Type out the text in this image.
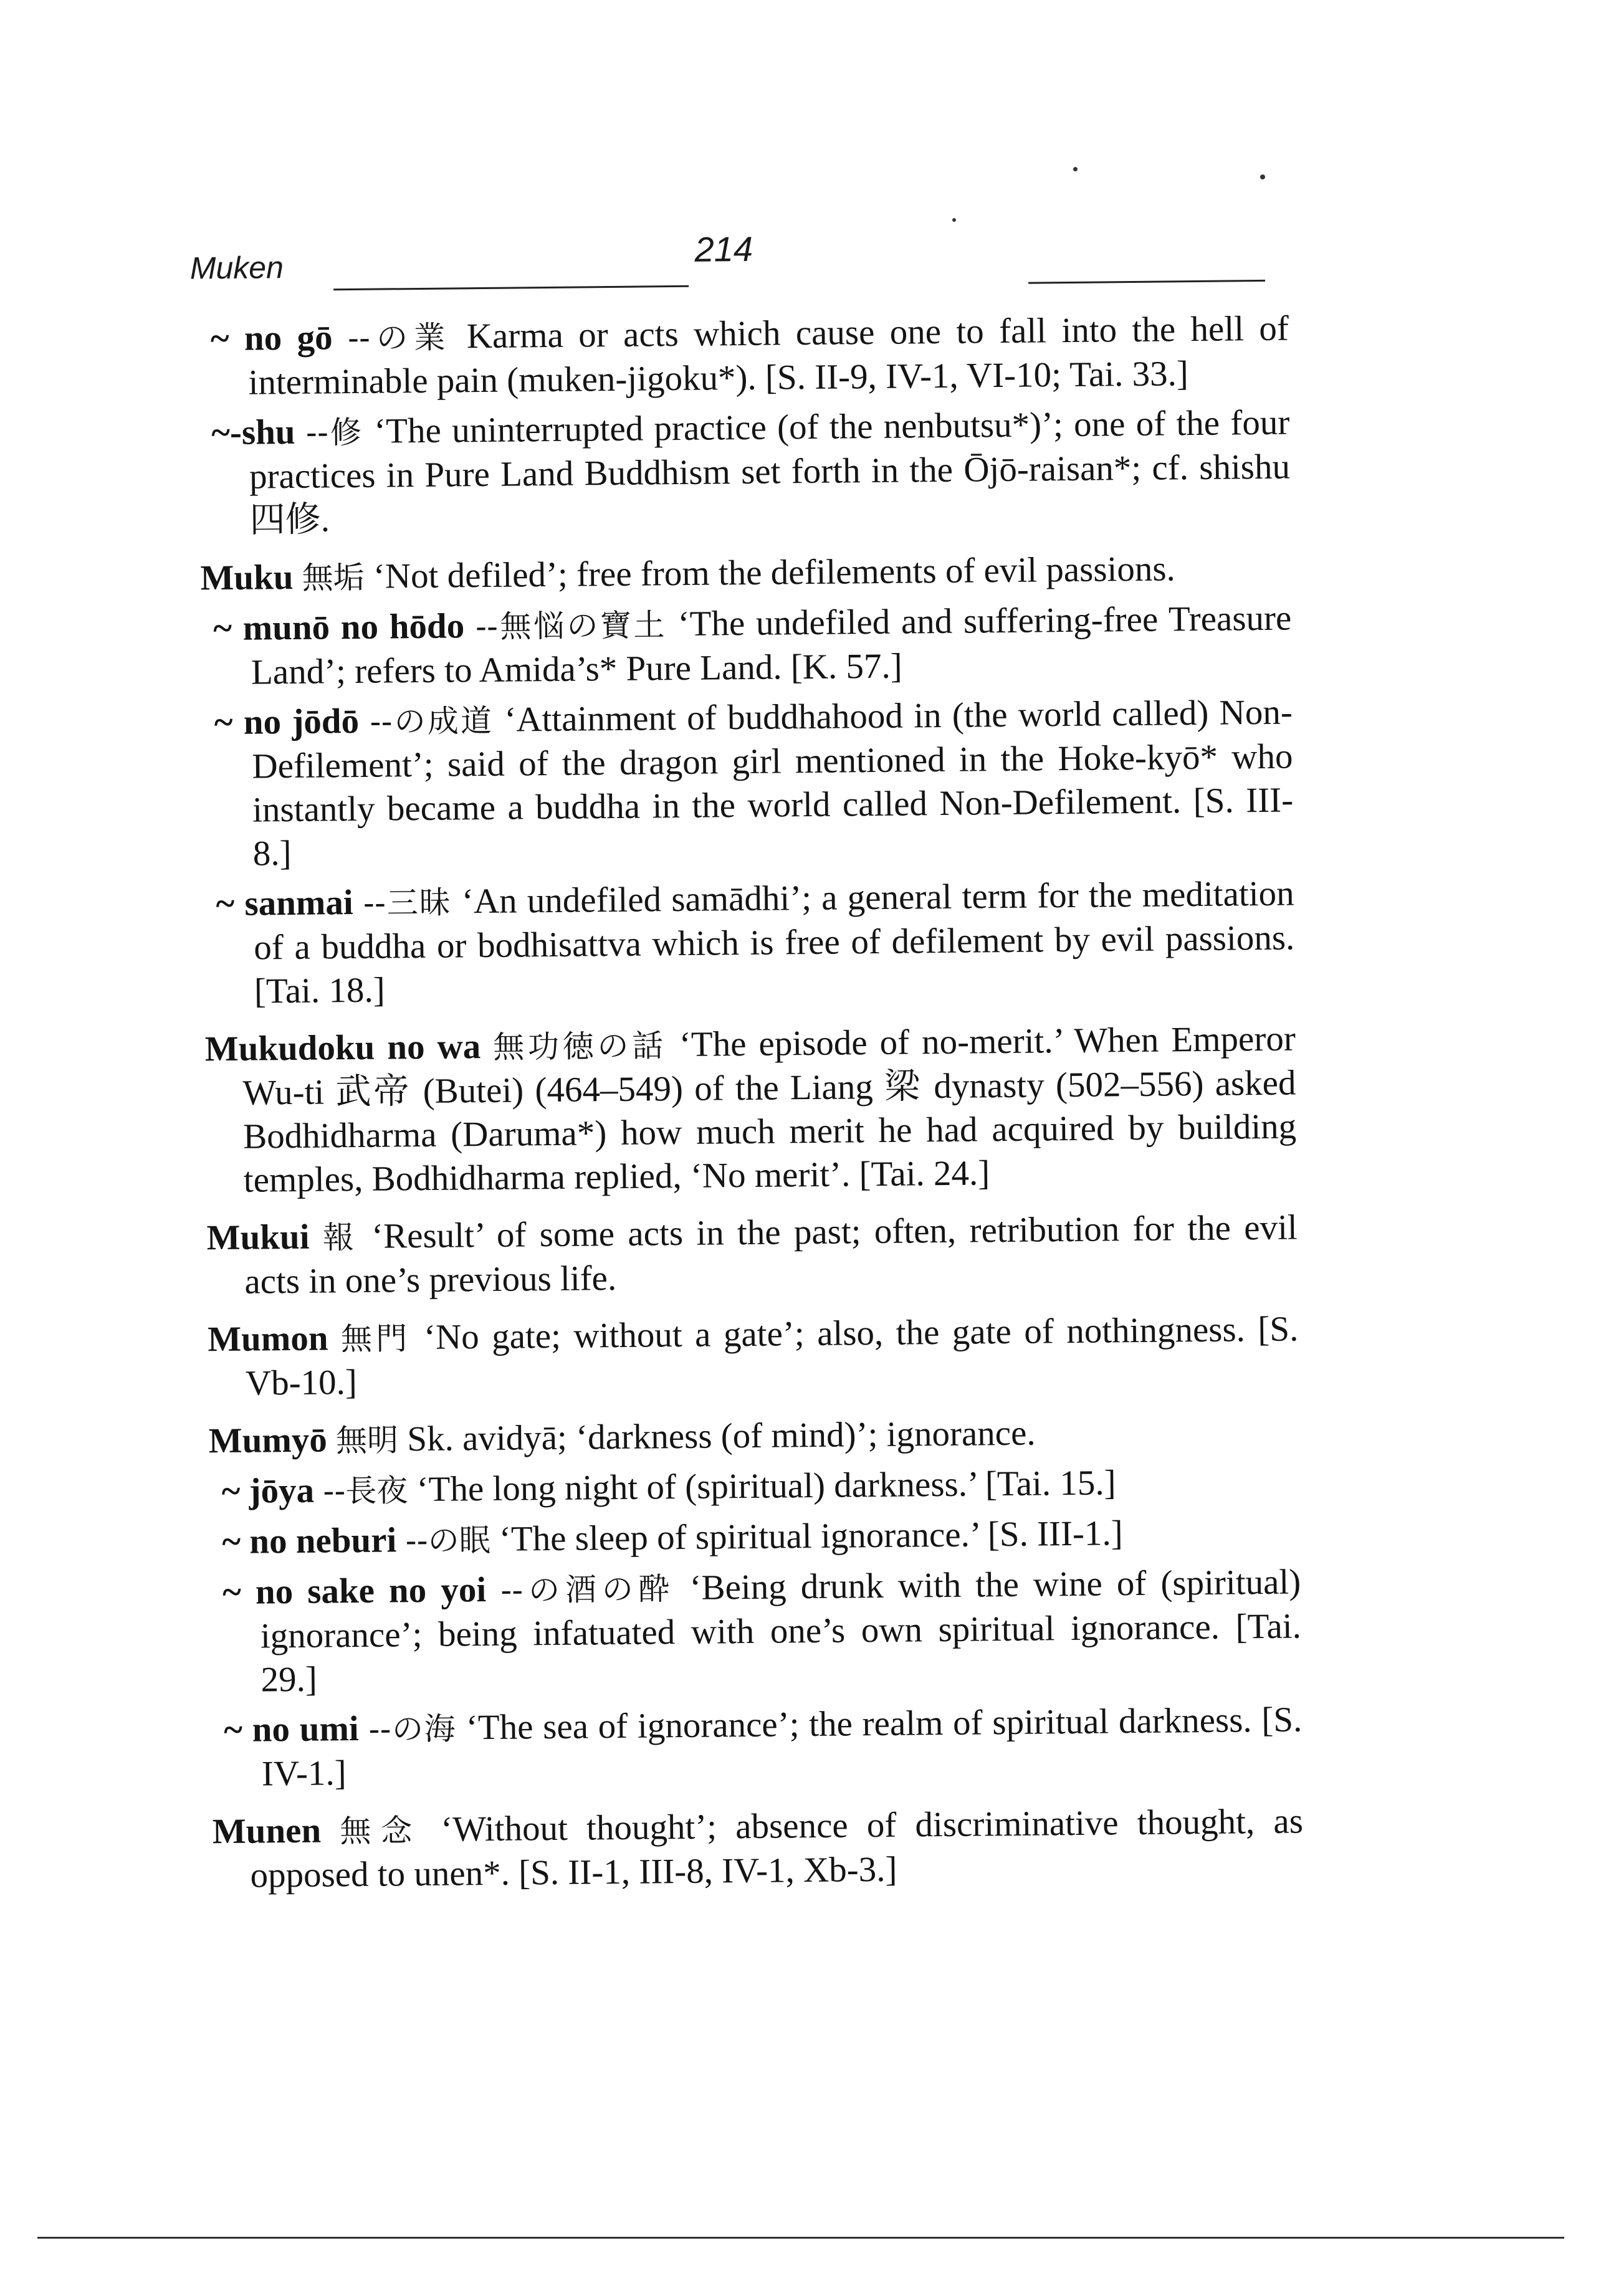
Muken	214

~ no gō --の業 Karma or acts which cause one to fall into the hell of interminable pain (muken-jigoku*). [S. II-9, IV-1, VI-10; Tai. 33.]

~-shu --修 ‘The uninterrupted practice (of the nenbutsu*)’; one of the four practices in Pure Land Buddhism set forth in the Ōjō-raisan*; cf. shishu 四修.

Muku 無垢 ‘Not defiled’; free from the defilements of evil passions.

~ munō no hōdo --無悩の寶土 ‘The undefiled and suffering-free Treasure Land’; refers to Amida’s* Pure Land. [K. 57.]

~ no jōdō --の成道 ‘Attainment of buddhahood in (the world called) Non-Defilement’; said of the dragon girl mentioned in the Hoke-kyō* who instantly became a buddha in the world called Non-Defilement. [S. III-8.]

~ sanmai --三昧 ‘An undefiled samādhi’; a general term for the meditation of a buddha or bodhisattva which is free of defilement by evil passions. [Tai. 18.]

Mukudoku no wa 無功徳の話 ‘The episode of no-merit.’ When Emperor Wu-ti 武帝 (Butei) (464–549) of the Liang 梁 dynasty (502–556) asked Bodhidharma (Daruma*) how much merit he had acquired by building temples, Bodhidharma replied, ‘No merit’. [Tai. 24.]

Mukui 報 ‘Result’ of some acts in the past; often, retribution for the evil acts in one’s previous life.

Mumon 無門 ‘No gate; without a gate’; also, the gate of nothingness. [S. Vb-10.]

Mumyō 無明 Sk. avidyā; ‘darkness (of mind)’; ignorance.

~ jōya --長夜 ‘The long night of (spiritual) darkness.’ [Tai. 15.]

~ no neburi --の眠 ‘The sleep of spiritual ignorance.’ [S. III-1.]

~ no sake no yoi --の酒の酔 ‘Being drunk with the wine of (spiritual) ignorance’; being infatuated with one’s own spiritual ignorance. [Tai. 29.]

~ no umi --の海 ‘The sea of ignorance’; the realm of spiritual darkness. [S. IV-1.]

Munen 無念 ‘Without thought’; absence of discriminative thought, as opposed to unen*. [S. II-1, III-8, IV-1, Xb-3.]
